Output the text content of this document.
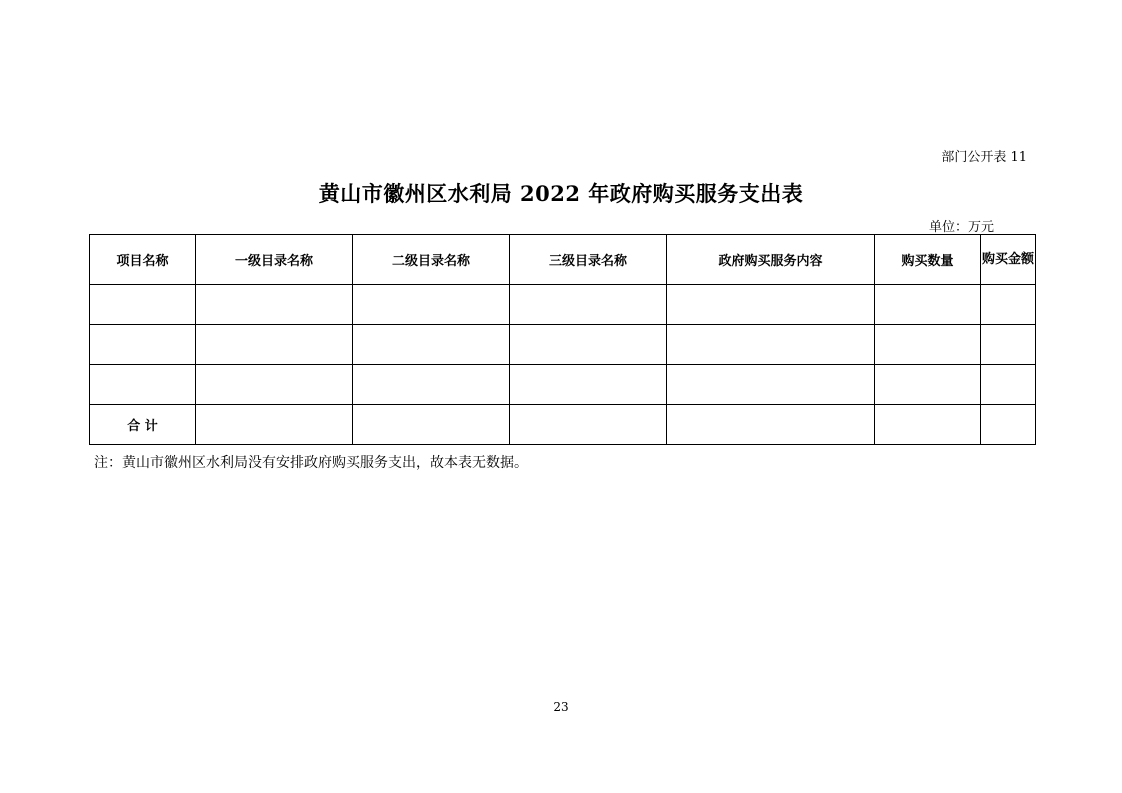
部门公开表 11
黄山市徽州区水利局 2022 年政府购买服务支出表
单位：万元
项目名称	一级目录名称	二级目录名称	三级目录名称	政府购买服务内容	购买数量	购买金额

合 计						
注：黄山市徽州区水利局没有安排政府购买服务支出，故本表无数据。
23
